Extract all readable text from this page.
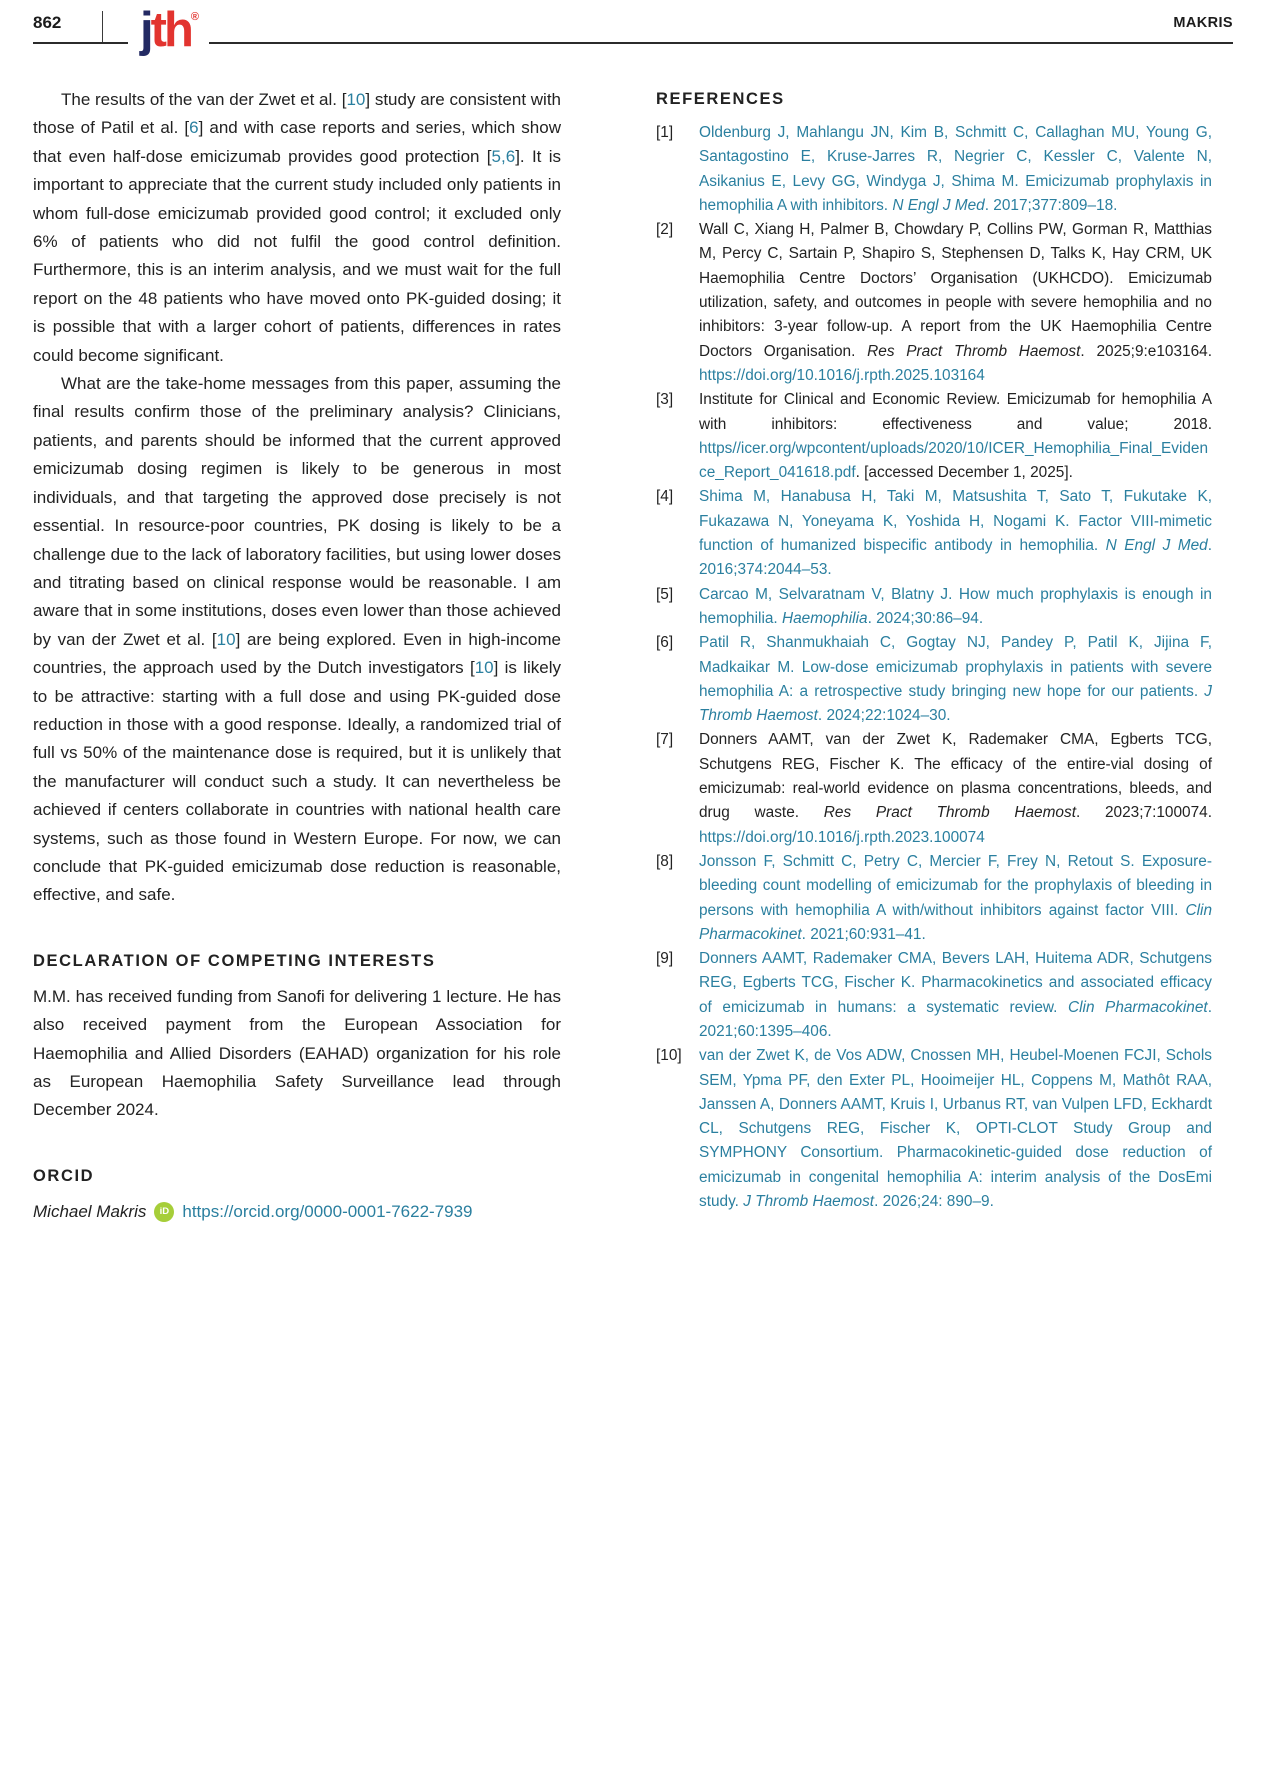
862 jth®	MAKRIS

The results of the van der Zwet et al. [10] study are consistent with those of Patil et al. [6] and with case reports and series, which show that even half-dose emicizumab provides good protection [5,6]. It is important to appreciate that the current study included only patients in whom full-dose emicizumab provided good control; it excluded only 6% of patients who did not fulfil the good control definition. Furthermore, this is an interim analysis, and we must wait for the full report on the 48 patients who have moved onto PK-guided dosing; it is possible that with a larger cohort of patients, differences in rates could become significant.

What are the take-home messages from this paper, assuming the final results confirm those of the preliminary analysis? Clinicians, patients, and parents should be informed that the current approved emicizumab dosing regimen is likely to be generous in most individuals, and that targeting the approved dose precisely is not essential. In resource-poor countries, PK dosing is likely to be a challenge due to the lack of laboratory facilities, but using lower doses and titrating based on clinical response would be reasonable. I am aware that in some institutions, doses even lower than those achieved by van der Zwet et al. [10] are being explored. Even in high-income countries, the approach used by the Dutch investigators [10] is likely to be attractive: starting with a full dose and using PK-guided dose reduction in those with a good response. Ideally, a randomized trial of full vs 50% of the maintenance dose is required, but it is unlikely that the manufacturer will conduct such a study. It can nevertheless be achieved if centers collaborate in countries with national health care systems, such as those found in Western Europe. For now, we can conclude that PK-guided emicizumab dose reduction is reasonable, effective, and safe.

DECLARATION OF COMPETING INTERESTS

M.M. has received funding from Sanofi for delivering 1 lecture. He has also received payment from the European Association for Haemophilia and Allied Disorders (EAHAD) organization for his role as European Haemophilia Safety Surveillance lead through December 2024.

ORCID
Michael Makris	iD https://orcid.org/0000-0001-7622-7939
REFERENCES
[1] Oldenburg J, Mahlangu JN, Kim B, Schmitt C, Callaghan MU, Young G, Santagostino E, Kruse-Jarres R, Negrier C, Kessler C, Valente N, Asikanius E, Levy GG, Windyga J, Shima M. Emicizumab prophylaxis in hemophilia A with inhibitors. N Engl J Med. 2017;377:809–18.
[2] Wall C, Xiang H, Palmer B, Chowdary P, Collins PW, Gorman R, Matthias M, Percy C, Sartain P, Shapiro S, Stephensen D, Talks K, Hay CRM, UK Haemophilia Centre Doctors’ Organisation (UKHCDO). Emicizumab utilization, safety, and outcomes in people with severe hemophilia and no inhibitors: 3-year follow-up. A report from the UK Haemophilia Centre Doctors Organisation. Res Pract Thromb Haemost. 2025;9:e103164. https://doi.org/10.1016/j.rpth.2025.103164
[3] Institute for Clinical and Economic Review. Emicizumab for hemophilia A with inhibitors: effectiveness and value; 2018. https//icer.org/wpcontent/uploads/2020/10/ICER_Hemophilia_Final_Evidence_Report_041618.pdf. [accessed December 1, 2025].
[4] Shima M, Hanabusa H, Taki M, Matsushita T, Sato T, Fukutake K, Fukazawa N, Yoneyama K, Yoshida H, Nogami K. Factor VIII-mimetic function of humanized bispecific antibody in hemophilia. N Engl J Med. 2016;374:2044–53.
[5] Carcao M, Selvaratnam V, Blatny J. How much prophylaxis is enough in hemophilia. Haemophilia. 2024;30:86–94.
[6] Patil R, Shanmukhaiah C, Gogtay NJ, Pandey P, Patil K, Jijina F, Madkaikar M. Low-dose emicizumab prophylaxis in patients with severe hemophilia A: a retrospective study bringing new hope for our patients. J Thromb Haemost. 2024;22:1024–30.
[7] Donners AAMT, van der Zwet K, Rademaker CMA, Egberts TCG, Schutgens REG, Fischer K. The efficacy of the entire-vial dosing of emicizumab: real-world evidence on plasma concentrations, bleeds, and drug waste. Res Pract Thromb Haemost. 2023;7:100074. https://doi.org/10.1016/j.rpth.2023.100074
[8] Jonsson F, Schmitt C, Petry C, Mercier F, Frey N, Retout S. Exposure-bleeding count modelling of emicizumab for the prophylaxis of bleeding in persons with hemophilia A with/without inhibitors against factor VIII. Clin Pharmacokinet. 2021;60:931–41.
[9] Donners AAMT, Rademaker CMA, Bevers LAH, Huitema ADR, Schutgens REG, Egberts TCG, Fischer K. Pharmacokinetics and associated efficacy of emicizumab in humans: a systematic review. Clin Pharmacokinet. 2021;60:1395–406.
[10] van der Zwet K, de Vos ADW, Cnossen MH, Heubel-Moenen FCJI, Schols SEM, Ypma PF, den Exter PL, Hooimeijer HL, Coppens M, Mathôt RAA, Janssen A, Donners AAMT, Kruis I, Urbanus RT, van Vulpen LFD, Eckhardt CL, Schutgens REG, Fischer K, OPTI-CLOT Study Group and SYMPHONY Consortium. Pharmacokinetic-guided dose reduction of emicizumab in congenital hemophilia A: interim analysis of the DosEmi study. J Thromb Haemost. 2026;24: 890–9.
